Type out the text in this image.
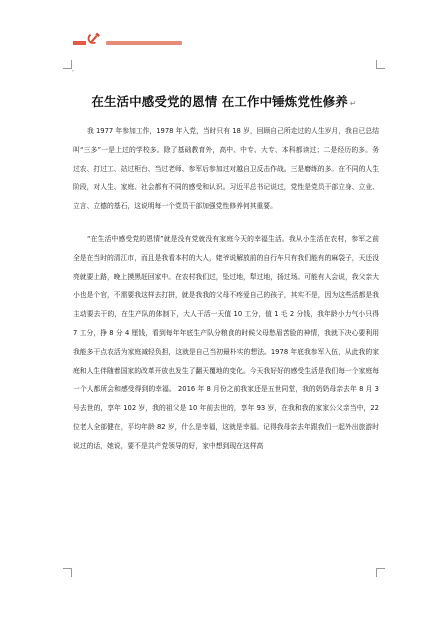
,
在生活中感受党的恩情 在工作中锤炼党性修养 ↵

我 1977 年参加工作，1978 年入党，当时只有 18 岁，回顾自己所走过的人生岁月，我自已总结叫“三多”一是上过的学校多。除了基础教育外，高中、中专、大专、本科都读过；二是经历的多。务过农、打过工、站过柜台、当过老师、参军后参加过对越自卫反击作战。三是磨练的多。在不同的人生阶段，对人生、家庭、社会都有不同的感受和认识。习近平总书记说过，党性是党员干部立身、立业、立言、立德的基石，这说明每一个党员干部加强党性修养何其重要。

“在生活中感受党的恩情”就是没有党就没有家庭今天的幸福生活。我从小生活在农村，参军之前全是在当时的清江市，而且是我看本村的大人，姥爷说解放前的自行车只有我们能有的麻袋子，天还没亮就要上路，晚上摸黑赶回家中。在农村我们过，坠过地，犁过地，扬过场。可能有人会说，我父亲大小也是个官，不需要我这样去打拼，就是我我的父母不疼爱自己的孩子，其实不是，因为这些活都是我主动要去干的，在生产队的体制下，大人干活一天值 10 工分，值 1 毛 2 分钱，我年龄小力气小只得 7 工分，挣 8 分 4 厘钱，看到每年年底生产队分粮食的时候父母愁眉苦脸的神情，我就下决心要利用我能多干点农活为家庭减轻负担，这就是自己当初最朴实的想法。1978 年底我参军入伍，从此我的家庭和人生伴随着国家的改革开放也发生了翻天覆地的变化。今天我好好的感受生活是我们每一个家庭每一个人都所会和感受得到的幸福。 2016 年 8 月份之前我家还是五世同堂，我的奶奶母亲去年 8 月 3 号去世的，享年 102 岁，我的祖父是 10 年前去世的，享年 93 岁，在我和我的家家公父亲当中，22 位老人全部健在，平均年龄 82 岁，什么是幸福，这就是幸福。记得我母亲去年跟我们一起外出旅游时说过的话，她说，要不是共产党领导的好，家中想到现在这样高
